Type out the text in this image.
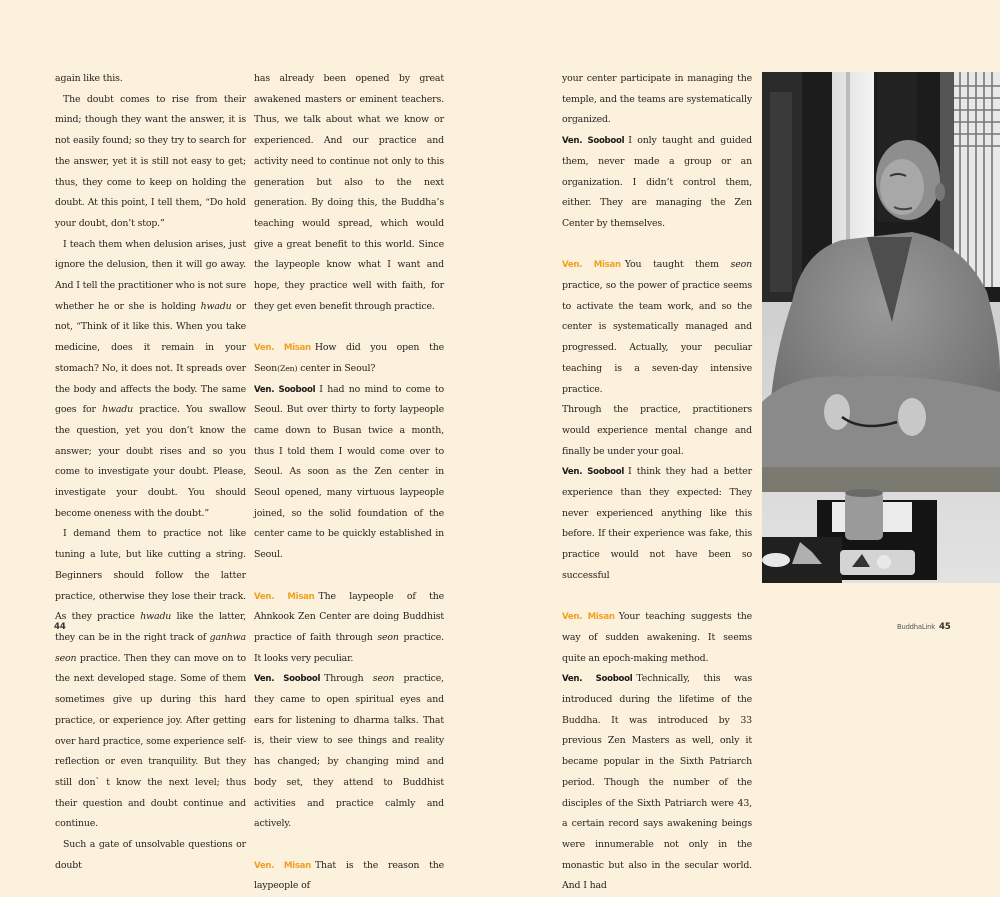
again like this.

The doubt comes to rise from their mind; though they want the answer, it is not easily found; so they try to search for the answer, yet it is still not easy to get; thus, they come to keep on holding the doubt. At this point, I tell them, “Do hold your doubt, don’t stop.”

I teach them when delusion arises, just ignore the delusion, then it will go away. And I tell the practitioner who is not sure whether he or she is holding hwadu or not, “Think of it like this. When you take medicine, does it remain in your stomach? No, it does not. It spreads over the body and affects the body. The same goes for hwadu practice. You swallow the question, yet you don’t know the answer; your doubt rises and so you come to investigate your doubt. Please, investigate your doubt. You should become oneness with the doubt.”

I demand them to practice not like tuning a lute, but like cutting a string. Beginners should follow the latter practice, otherwise they lose their track. As they practice hwadu like the latter, they can be in the right track of ganhwa seon practice. Then they can move on to the next developed stage. Some of them sometimes give up during this hard practice, or experience joy. After getting over hard practice, some experience self-reflection or even tranquility. But they still don` t know the next level; thus their question and doubt continue and continue.

Such a gate of unsolvable questions or doubt

has already been opened by great awakened masters or eminent teachers. Thus, we talk about what we know or experienced. And our practice and activity need to continue not only to this generation but also to the next generation. By doing this, the Buddha’s teaching would spread, which would give a great benefit to this world. Since the laypeople know what I want and hope, they practice well with faith, for they get even benefit through practice.

Ven. Misan How did you open the Seon(Zen) center in Seoul?

Ven. Soobool I had no mind to come to Seoul. But over thirty to forty laypeople came down to Busan twice a month, thus I told them I would come over to Seoul. As soon as the Zen center in Seoul opened, many virtuous laypeople joined, so the solid foundation of the center came to be quickly established in Seoul.

Ven. Misan The laypeople of the Ahnkook Zen Center are doing Buddhist practice of faith through seon practice. It looks very peculiar.

Ven. Soobool Through seon practice, they came to open spiritual eyes and ears for listening to dharma talks. That is, their view to see things and reality has changed; by changing mind and body set, they attend to Buddhist activities and practice calmly and actively.

Ven. Misan That is the reason the laypeople of

your center participate in managing the temple, and the teams are systematically organized.

Ven. Soobool I only taught and guided them, never made a group or an organization. I didn’t control them, either. They are managing the Zen Center by themselves.

Ven. Misan You taught them seon practice, so the power of practice seems to activate the team work, and so the center is systematically managed and progressed. Actually, your peculiar teaching is a seven-day intensive practice.

Through the practice, practitioners would experience mental change and finally be under your goal.

Ven. Soobool I think they had a better experience than they expected: They never experienced anything like this before. If their experience was fake, this practice would not have been so successful

Ven. Misan Your teaching suggests the way of sudden awakening. It seems quite an epoch-making method.

Ven. Soobool Technically, this was introduced during the lifetime of the Buddha. It was introduced by 33 previous Zen Masters as well, only it became popular in the Sixth Patriarch period. Though the number of the disciples of the Sixth Patriarch were 43, a certain record says awakening beings were innumerable not only in the monastic but also in the secular world. And I had

44	BuddhaLink 45
